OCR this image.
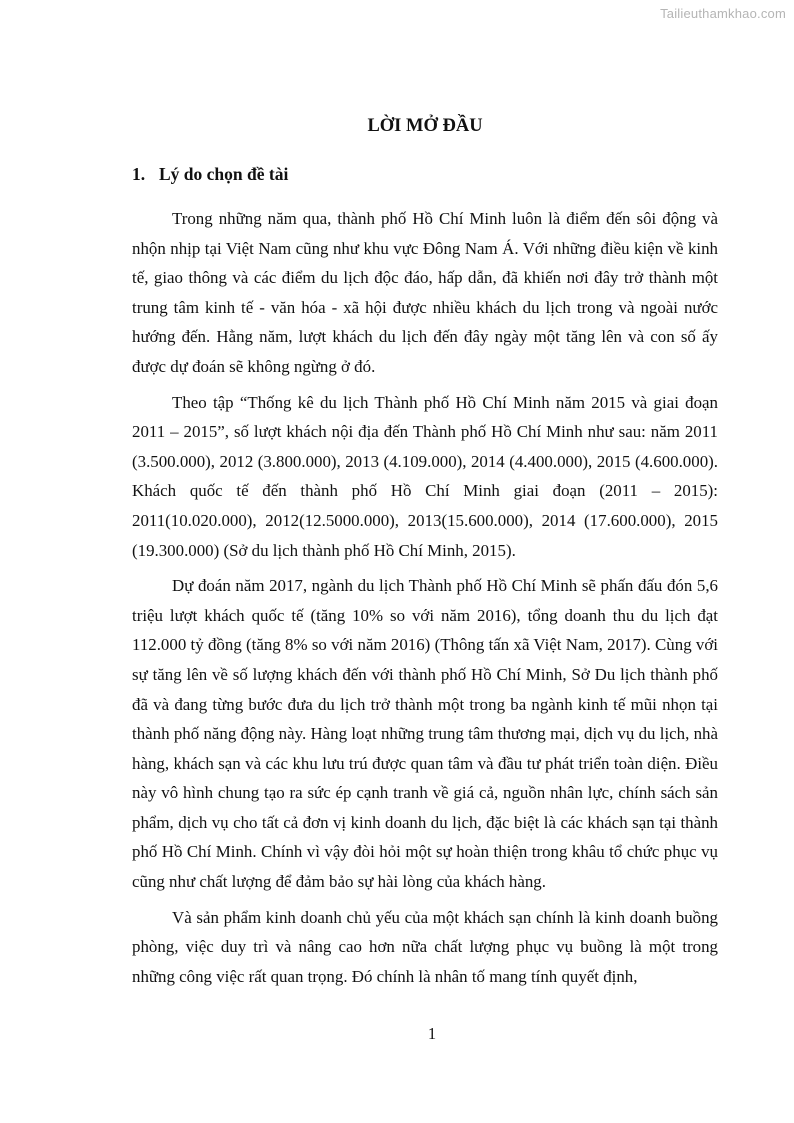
Tailieuthamkhao.com
LỜI MỞ ĐẦU
1. Lý do chọn đề tài

Trong những năm qua, thành phố Hồ Chí Minh luôn là điểm đến sôi động và nhộn nhịp tại Việt Nam cũng như khu vực Đông Nam Á. Với những điều kiện về kinh tế, giao thông và các điểm du lịch độc đáo, hấp dẫn, đã khiến nơi đây trở thành một trung tâm kinh tế - văn hóa - xã hội được nhiều khách du lịch trong và ngoài nước hướng đến. Hằng năm, lượt khách du lịch đến đây ngày một tăng lên và con số ấy được dự đoán sẽ không ngừng ở đó.

Theo tập “Thống kê du lịch Thành phố Hồ Chí Minh năm 2015 và giai đoạn 2011 – 2015”, số lượt khách nội địa đến Thành phố Hồ Chí Minh như sau: năm 2011 (3.500.000), 2012 (3.800.000), 2013 (4.109.000), 2014 (4.400.000), 2015 (4.600.000). Khách quốc tế đến thành phố Hồ Chí Minh giai đoạn (2011 – 2015): 2011(10.020.000), 2012(12.5000.000), 2013(15.600.000), 2014 (17.600.000), 2015 (19.300.000) (Sở du lịch thành phố Hồ Chí Minh, 2015).

Dự đoán năm 2017, ngành du lịch Thành phố Hồ Chí Minh sẽ phấn đấu đón 5,6 triệu lượt khách quốc tế (tăng 10% so với năm 2016), tổng doanh thu du lịch đạt 112.000 tỷ đồng (tăng 8% so với năm 2016) (Thông tấn xã Việt Nam, 2017). Cùng với sự tăng lên về số lượng khách đến với thành phố Hồ Chí Minh, Sở Du lịch thành phố đã và đang từng bước đưa du lịch trở thành một trong ba ngành kinh tế mũi nhọn tại thành phố năng động này. Hàng loạt những trung tâm thương mại, dịch vụ du lịch, nhà hàng, khách sạn và các khu lưu trú được quan tâm và đầu tư phát triển toàn diện. Điều này vô hình chung tạo ra sức ép cạnh tranh về giá cả, nguồn nhân lực, chính sách sản phẩm, dịch vụ cho tất cả đơn vị kinh doanh du lịch, đặc biệt là các khách sạn tại thành phố Hồ Chí Minh. Chính vì vậy đòi hỏi một sự hoàn thiện trong khâu tổ chức phục vụ cũng như chất lượng để đảm bảo sự hài lòng của khách hàng.

Và sản phẩm kinh doanh chủ yếu của một khách sạn chính là kinh doanh buồng phòng, việc duy trì và nâng cao hơn nữa chất lượng phục vụ buồng là một trong những công việc rất quan trọng. Đó chính là nhân tố mang tính quyết định,

1
